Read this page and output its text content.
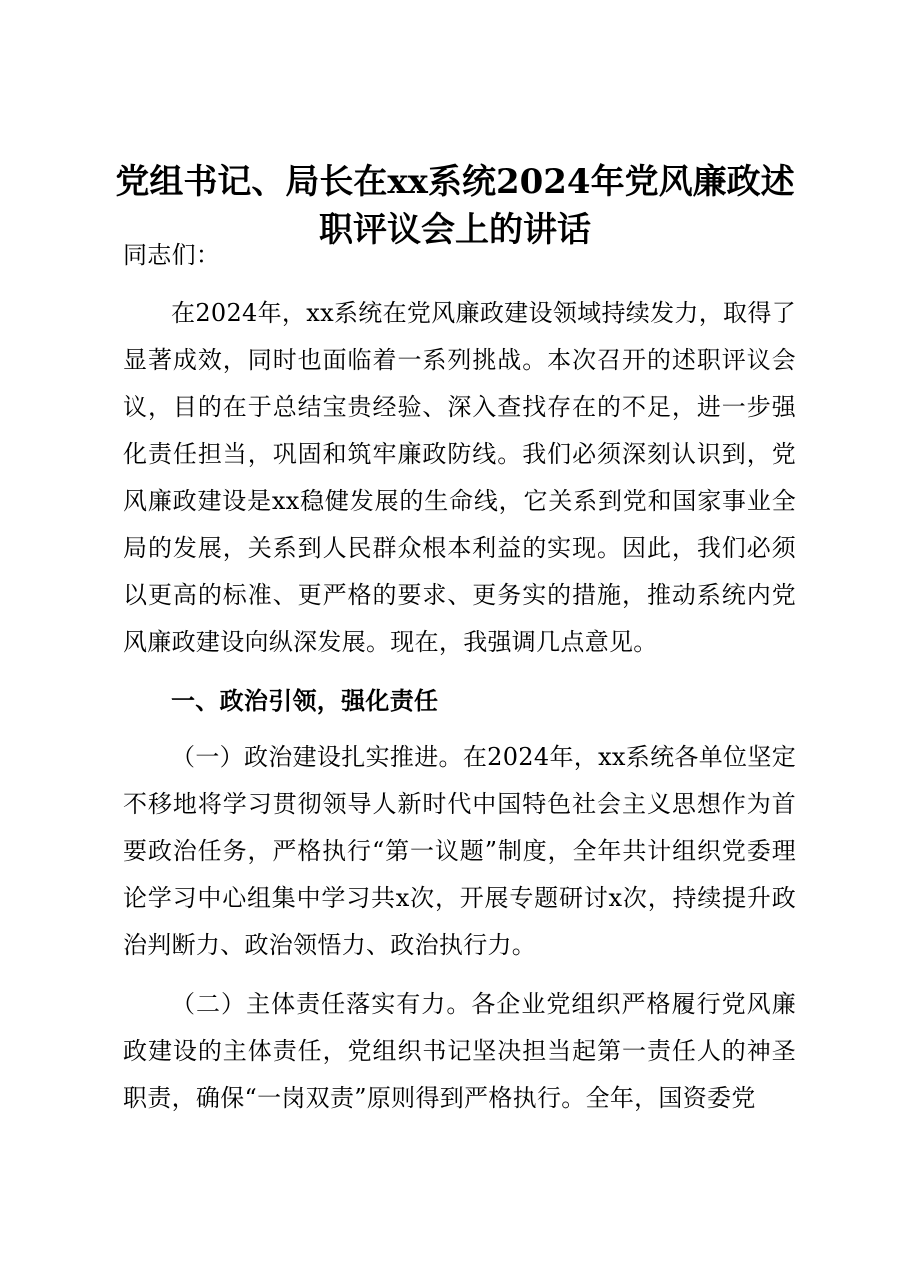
党组书记、局长在xx系统2024年党风廉政述
职评议会上的讲话
同志们：

在2024年，xx系统在党风廉政建设领域持续发力，取得了显著成效，同时也面临着一系列挑战。本次召开的述职评议会议，目的在于总结宝贵经验、深入查找存在的不足，进一步强化责任担当，巩固和筑牢廉政防线。我们必须深刻认识到，党风廉政建设是xx稳健发展的生命线，它关系到党和国家事业全局的发展，关系到人民群众根本利益的实现。因此，我们必须以更高的标准、更严格的要求、更务实的措施，推动系统内党风廉政建设向纵深发展。现在，我强调几点意见。

一、政治引领，强化责任

（一）政治建设扎实推进。在2024年，xx系统各单位坚定不移地将学习贯彻领导人新时代中国特色社会主义思想作为首要政治任务，严格执行“第一议题”制度，全年共计组织党委理论学习中心组集中学习共x次，开展专题研讨x次，持续提升政治判断力、政治领悟力、政治执行力。

（二）主体责任落实有力。各企业党组织严格履行党风廉政建设的主体责任，党组织书记坚决担当起第一责任人的神圣职责，确保“一岗双责”原则得到严格执行。全年，国资委党
